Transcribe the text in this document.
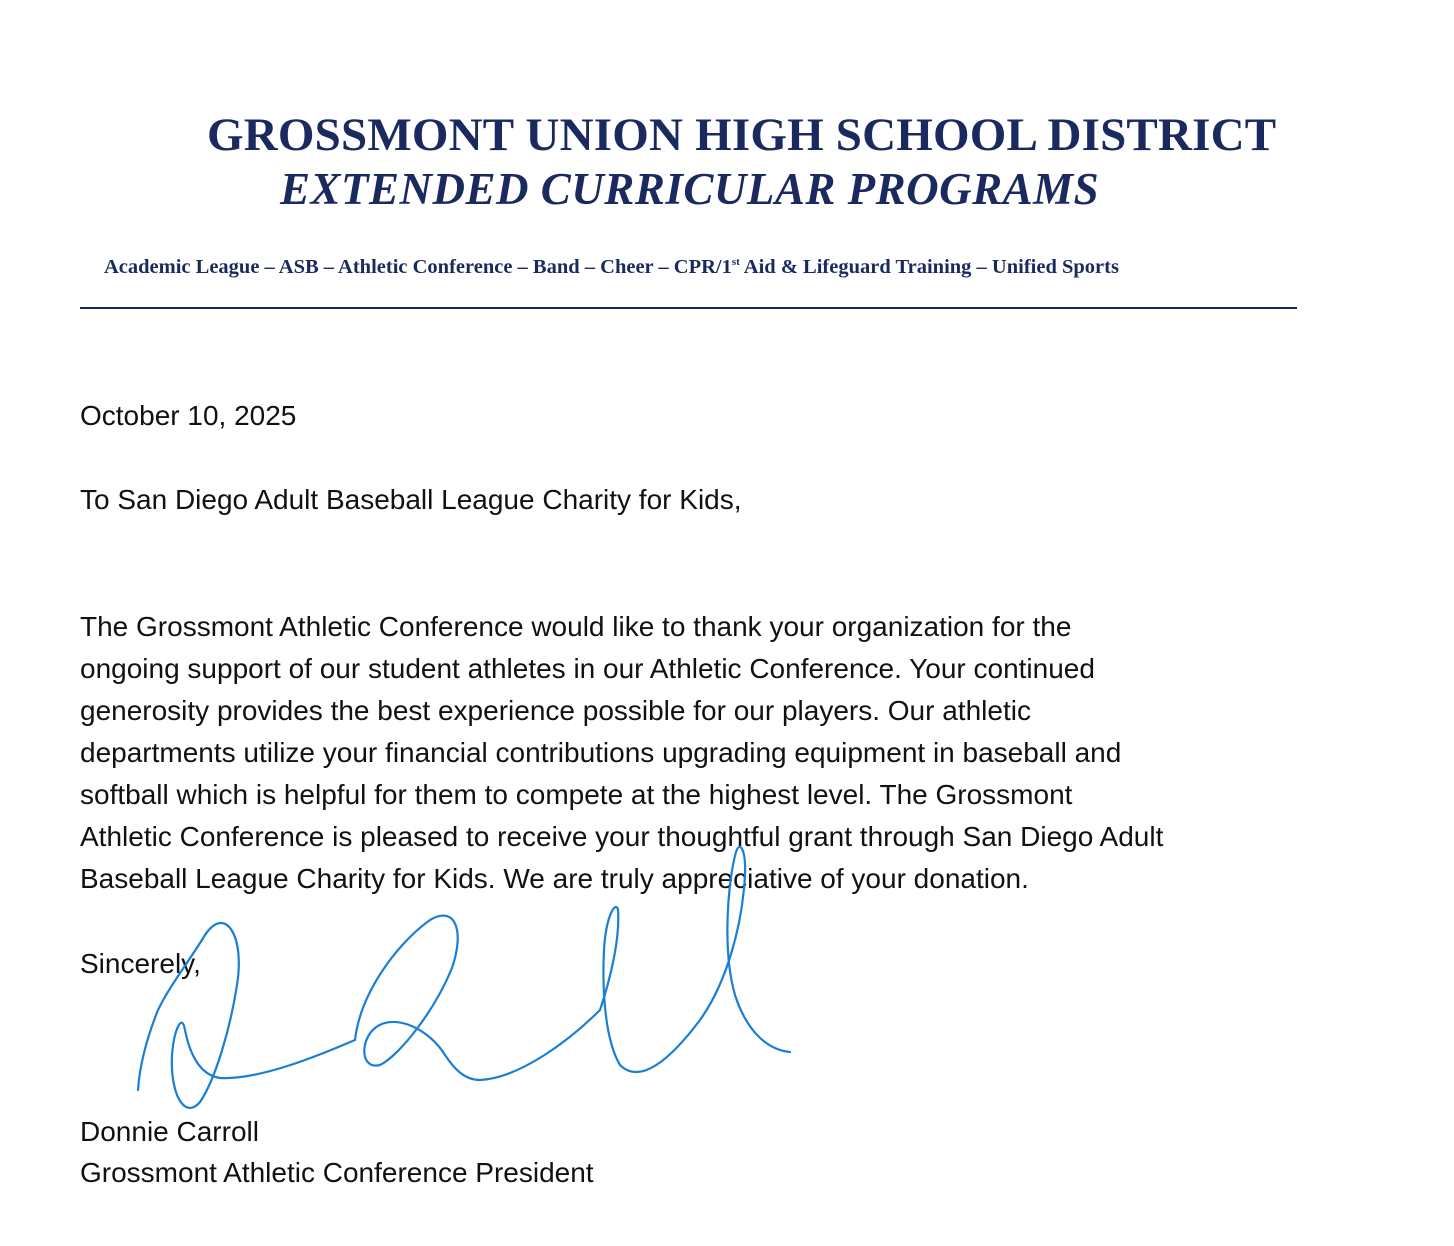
GROSSMONT UNION HIGH SCHOOL DISTRICT
EXTENDED CURRICULAR PROGRAMS

Academic League – ASB – Athletic Conference – Band – Cheer – CPR/1st Aid & Lifeguard Training – Unified Sports

October 10, 2025

To San Diego Adult Baseball League Charity for Kids,

The Grossmont Athletic Conference would like to thank your organization for the
ongoing support of our student athletes in our Athletic Conference. Your continued
generosity provides the best experience possible for our players. Our athletic
departments utilize your financial contributions upgrading equipment in baseball and
softball which is helpful for them to compete at the highest level. The Grossmont
Athletic Conference is pleased to receive your thoughtful grant through San Diego Adult
Baseball League Charity for Kids. We are truly appreciative of your donation.

Sincerely,

Donnie Carroll

Grossmont Athletic Conference President
